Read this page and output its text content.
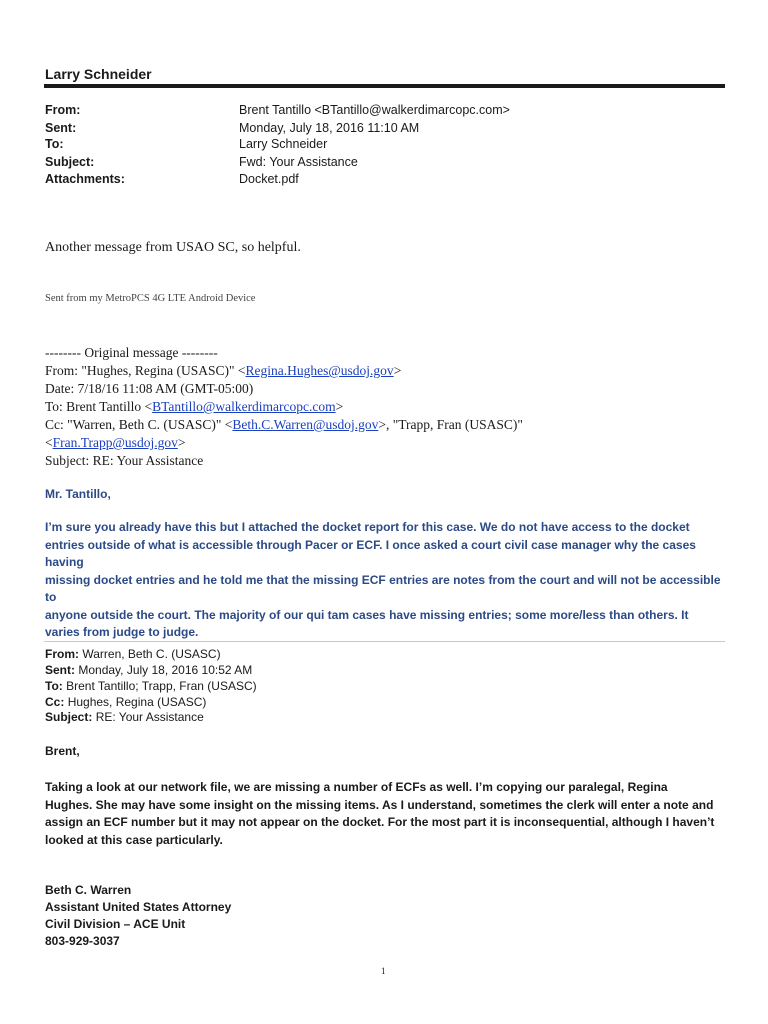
Larry Schneider
From:	Brent Tantillo <BTantillo@walkerdimarcopc.com>
Sent:	Monday, July 18, 2016 11:10 AM
To:	Larry Schneider
Subject:	Fwd: Your Assistance
Attachments:	Docket.pdf
Another message from USAO SC, so helpful.
Sent from my MetroPCS 4G LTE Android Device
-------- Original message --------
From: "Hughes, Regina (USASC)" <Regina.Hughes@usdoj.gov>
Date: 7/18/16 11:08 AM (GMT-05:00)
To: Brent Tantillo <BTantillo@walkerdimarcopc.com>
Cc: "Warren, Beth C. (USASC)" <Beth.C.Warren@usdoj.gov>, "Trapp, Fran (USASC)"
<Fran.Trapp@usdoj.gov>
Subject: RE: Your Assistance
Mr. Tantillo,
I’m sure you already have this but I attached the docket report for this case. We do not have access to the docket
entries outside of what is accessible through Pacer or ECF. I once asked a court civil case manager why the cases having
missing docket entries and he told me that the missing ECF entries are notes from the court and will not be accessible to
anyone outside the court. The majority of our qui tam cases have missing entries; some more/less than others. It
varies from judge to judge.
From: Warren, Beth C. (USASC)
Sent: Monday, July 18, 2016 10:52 AM
To: Brent Tantillo; Trapp, Fran (USASC)
Cc: Hughes, Regina (USASC)
Subject: RE: Your Assistance
Brent,
Taking a look at our network file, we are missing a number of ECFs as well. I’m copying our paralegal, Regina
Hughes. She may have some insight on the missing items. As I understand, sometimes the clerk will enter a note and
assign an ECF number but it may not appear on the docket. For the most part it is inconsequential, although I haven’t
looked at this case particularly.
Beth C. Warren
Assistant United States Attorney
Civil Division – ACE Unit
803-929-3037
1
